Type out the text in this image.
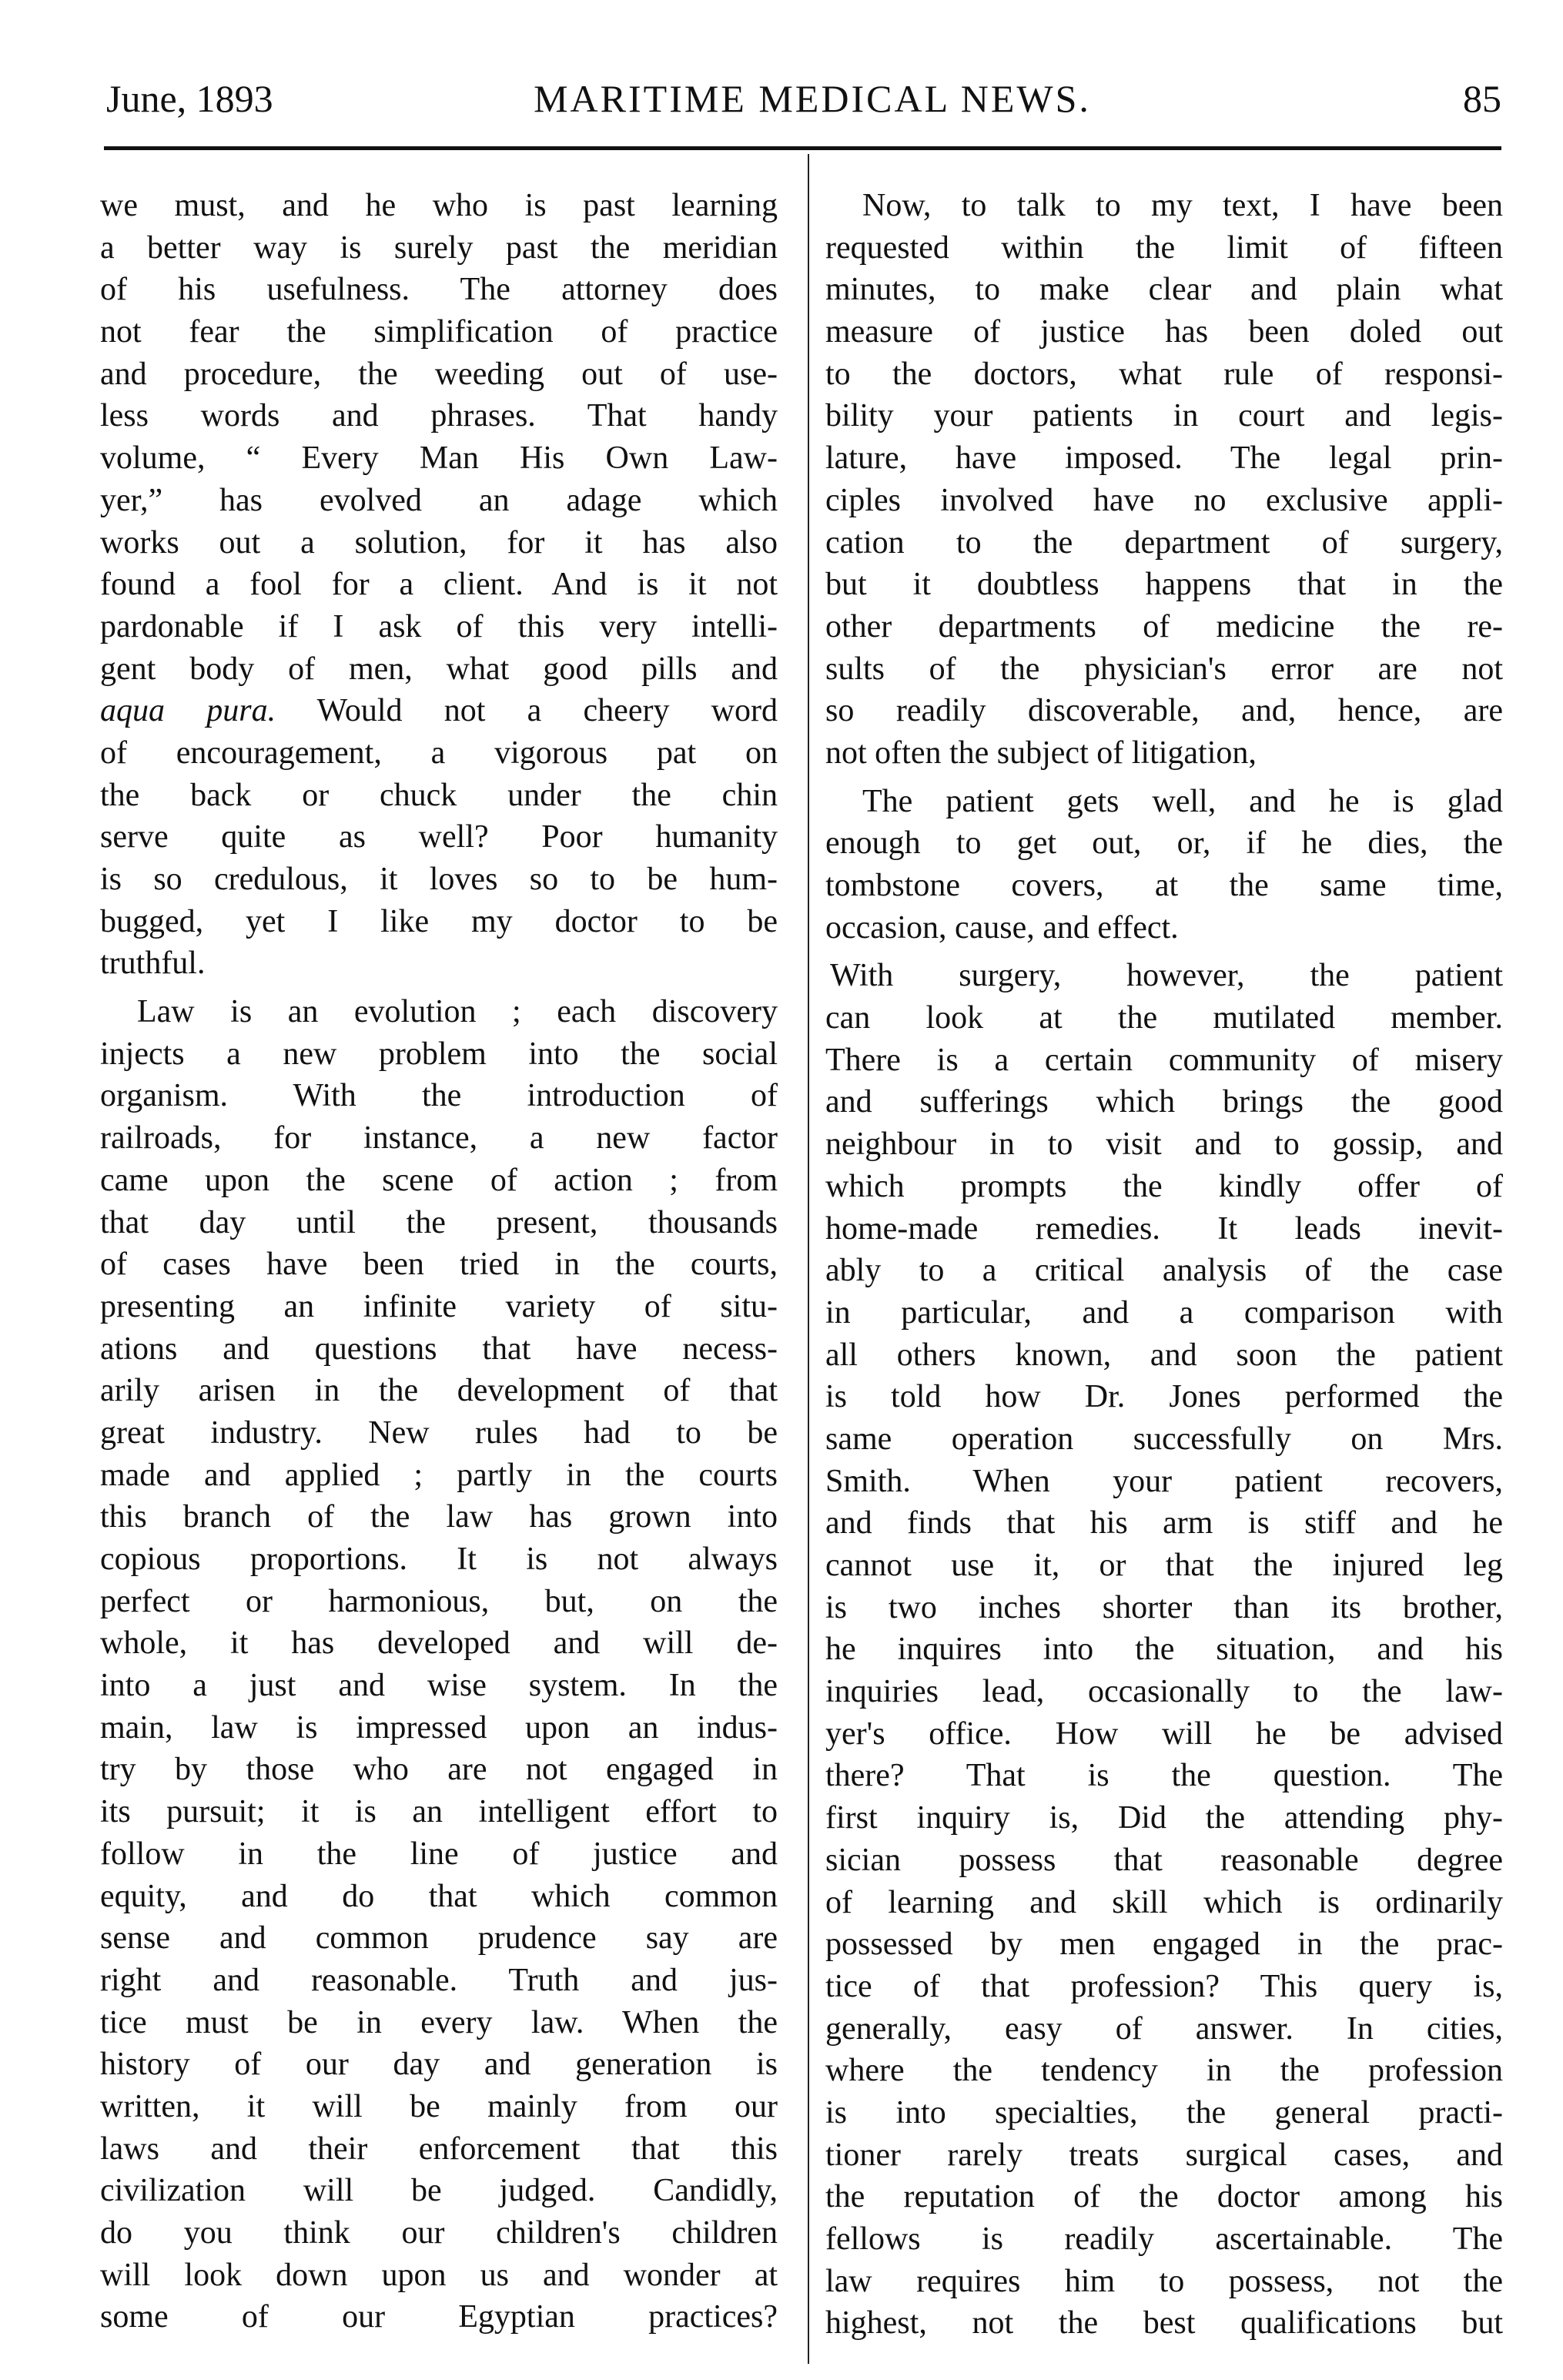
June, 1893	MARITIME MEDICAL NEWS.	85
we must, and he who is past learning
a better way is surely past the meridian
of his usefulness. The attorney does
not fear the simplification of practice
and procedure, the weeding out of use-
less words and phrases. That handy
volume, “ Every Man His Own Law-
yer,” has evolved an adage which
works out a solution, for it has also
found a fool for a client. And is it not
pardonable if I ask of this very intelli-
gent body of men, what good pills and
aqua pura. Would not a cheery word
of encouragement, a vigorous pat on
the back or chuck under the chin
serve quite as well? Poor humanity
is so credulous, it loves so to be hum-
bugged, yet I like my doctor to be
truthful.
Law is an evolution ; each discovery
injects a new problem into the social
organism. With the introduction of
railroads, for instance, a new factor
came upon the scene of action ; from
that day until the present, thousands
of cases have been tried in the courts,
presenting an infinite variety of situ-
ations and questions that have necess-
arily arisen in the development of that
great industry. New rules had to be
made and applied ; partly in the courts
this branch of the law has grown into
copious proportions. It is not always
perfect or harmonious, but, on the
whole, it has developed and will de-
into a just and wise system. In the
main, law is impressed upon an indus-
try by those who are not engaged in
its pursuit; it is an intelligent effort to
follow in the line of justice and
equity, and do that which common
sense and common prudence say are
right and reasonable. Truth and jus-
tice must be in every law. When the
history of our day and generation is
written, it will be mainly from our
laws and their enforcement that this
civilization will be judged. Candidly,
do you think our children's children
will look down upon us and wonder at
some of our Egyptian practices?
Now, to talk to my text, I have been
requested within the limit of fifteen
minutes, to make clear and plain what
measure of justice has been doled out
to the doctors, what rule of responsi-
bility your patients in court and legis-
lature, have imposed. The legal prin-
ciples involved have no exclusive appli-
cation to the department of surgery,
but it doubtless happens that in the
other departments of medicine the re-
sults of the physician's error are not
so readily discoverable, and, hence, are
not often the subject of litigation,
The patient gets well, and he is glad
enough to get out, or, if he dies, the
tombstone covers, at the same time,
occasion, cause, and effect.
With surgery, however, the patient
can look at the mutilated member.
There is a certain community of misery
and sufferings which brings the good
neighbour in to visit and to gossip, and
which prompts the kindly offer of
home-made remedies. It leads inevit-
ably to a critical analysis of the case
in particular, and a comparison with
all others known, and soon the patient
is told how Dr. Jones performed the
same operation successfully on Mrs.
Smith. When your patient recovers,
and finds that his arm is stiff and he
cannot use it, or that the injured leg
is two inches shorter than its brother,
he inquires into the situation, and his
inquiries lead, occasionally to the law-
yer's office. How will he be advised
there? That is the question. The
first inquiry is, Did the attending phy-
sician possess that reasonable degree
of learning and skill which is ordinarily
possessed by men engaged in the prac-
tice of that profession? This query is,
generally, easy of answer. In cities,
where the tendency in the profession
is into specialties, the general practi-
tioner rarely treats surgical cases, and
the reputation of the doctor among his
fellows is readily ascertainable. The
law requires him to possess, not the
highest, not the best qualifications but
